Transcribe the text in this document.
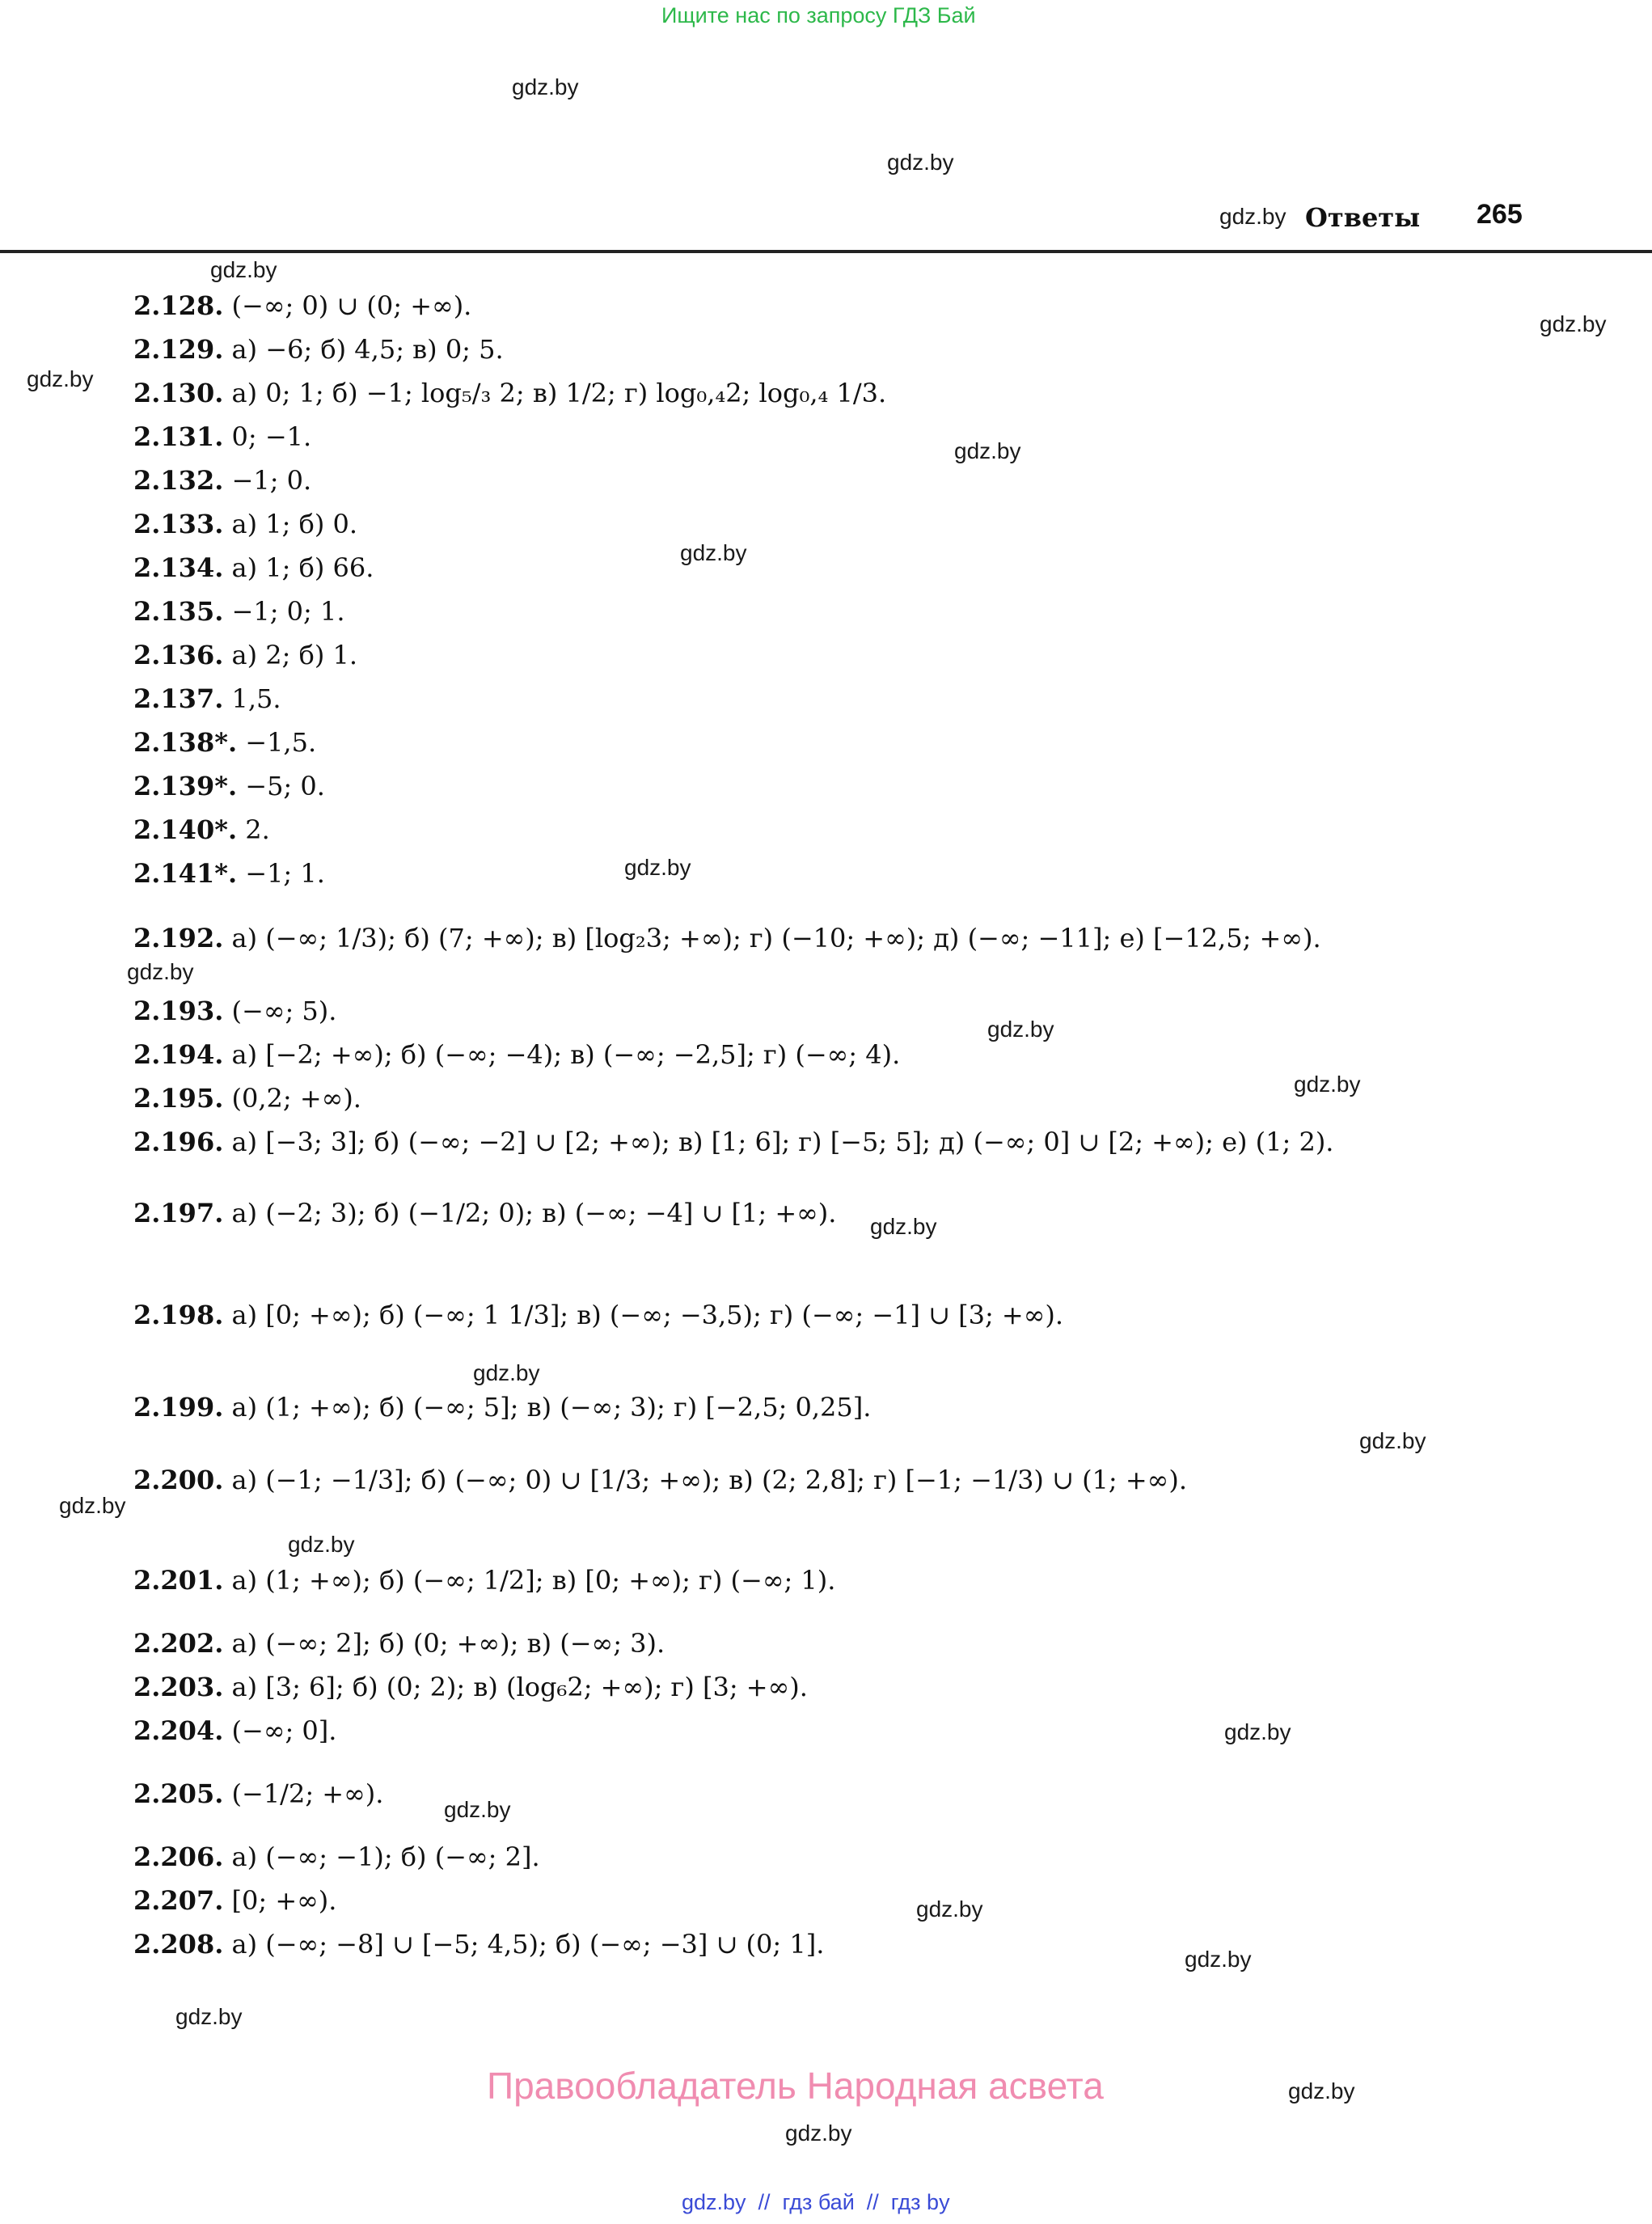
Ищите нас по запросу ГДЗ Бай
gdz.by Ответы 265
gdz.by
gdz.by
gdz.by
gdz.by
gdz.by
gdz.by
gdz.by
gdz.by
gdz.by
gdz.by
gdz.by
gdz.by
gdz.by
gdz.by
gdz.by
gdz.by
gdz.by
gdz.by
gdz.by
gdz.by
gdz.by
gdz.by
gdz.by
2.128. (−∞; 0) ∪ (0; +∞).
2.129. а) −6; б) 4,5; в) 0; 5.
2.130. а) 0; 1; б) −1; log₅/₃ 2; в) 1/2; г) log₀,₄2; log₀,₄ 1/3.
2.131. 0; −1.
2.132. −1; 0.
2.133. а) 1; б) 0.
2.134. а) 1; б) 66.
2.135. −1; 0; 1.
2.136. а) 2; б) 1.
2.137. 1,5.
2.138*. −1,5.
2.139*. −5; 0.
2.140*. 2.
2.141*. −1; 1.
2.192. а) (−∞; 1/3); б) (7; +∞); в) [log₂3; +∞); г) (−10; +∞); д) (−∞; −11]; е) [−12,5; +∞).
2.193. (−∞; 5).
2.194. а) [−2; +∞); б) (−∞; −4); в) (−∞; −2,5]; г) (−∞; 4).
2.195. (0,2; +∞).
2.196. а) [−3; 3]; б) (−∞; −2] ∪ [2; +∞); в) [1; 6]; г) [−5; 5]; д) (−∞; 0] ∪ [2; +∞); е) (1; 2).
2.197. а) (−2; 3); б) (−1/2; 0); в) (−∞; −4] ∪ [1; +∞).
2.198. а) [0; +∞); б) (−∞; 1 1/3]; в) (−∞; −3,5); г) (−∞; −1] ∪ [3; +∞).
2.199. а) (1; +∞); б) (−∞; 5]; в) (−∞; 3); г) [−2,5; 0,25].
2.200. а) (−1; −1/3]; б) (−∞; 0) ∪ [1/3; +∞); в) (2; 2,8]; г) [−1; −1/3) ∪ (1; +∞).
2.201. а) (1; +∞); б) (−∞; 1/2]; в) [0; +∞); г) (−∞; 1).
2.202. а) (−∞; 2]; б) (0; +∞); в) (−∞; 3).
2.203. а) [3; 6]; б) (0; 2); в) (log₆2; +∞); г) [3; +∞).
2.204. (−∞; 0].
2.205. (−1/2; +∞).
2.206. а) (−∞; −1); б) (−∞; 2].
2.207. [0; +∞).
2.208. а) (−∞; −8] ∪ [−5; 4,5); б) (−∞; −3] ∪ (0; 1].
Правообладатель Народная асвета
gdz.by  //  гдз бай  //  гдз by
